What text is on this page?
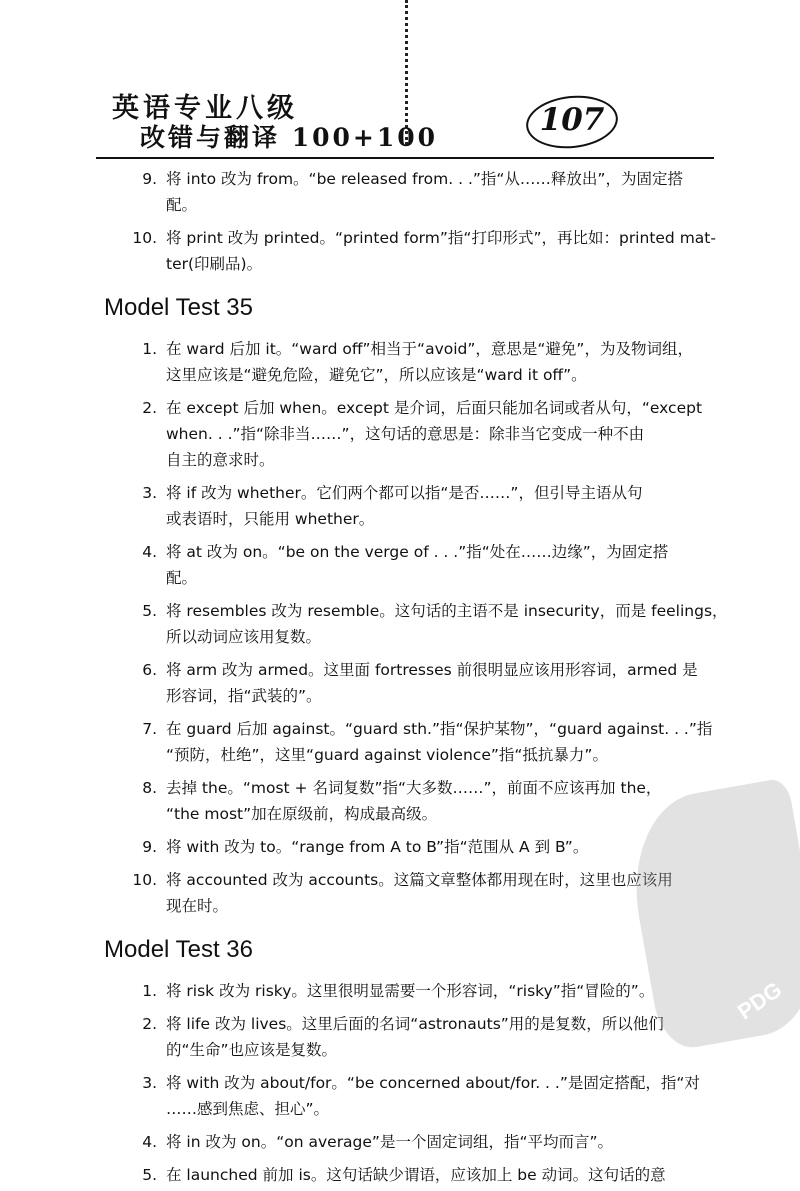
英语专业八级
改错与翻译 100+100	107
9. 将 into 改为 from。“be released from. . .”指“从……释放出”，为固定搭
配。
10. 将 print 改为 printed。“printed form”指“打印形式”，再比如：printed mat-
ter(印刷品)。
Model Test 35
1. 在 ward 后加 it。“ward off”相当于“avoid”，意思是“避免”，为及物词组，
这里应该是“避免危险，避免它”，所以应该是“ward it off”。
2. 在 except 后加 when。except 是介词，后面只能加名词或者从句，“except
when. . .”指“除非当……”，这句话的意思是：除非当它变成一种不由
自主的意求时。
3. 将 if 改为 whether。它们两个都可以指“是否……”，但引导主语从句
或表语时，只能用 whether。
4. 将 at 改为 on。“be on the verge of . . .”指“处在……边缘”，为固定搭
配。
5. 将 resembles 改为 resemble。这句话的主语不是 insecurity，而是 feelings，
所以动词应该用复数。
6. 将 arm 改为 armed。这里面 fortresses 前很明显应该用形容词，armed 是
形容词，指“武装的”。
7. 在 guard 后加 against。“guard sth.”指“保护某物”，“guard against. . .”指
“预防，杜绝”，这里“guard against violence”指“抵抗暴力”。
8. 去掉 the。“most + 名词复数”指“大多数……”，前面不应该再加 the，
“the most”加在原级前，构成最高级。
9. 将 with 改为 to。“range from A to B”指“范围从 A 到 B”。
10. 将 accounted 改为 accounts。这篇文章整体都用现在时，这里也应该用
现在时。
Model Test 36
1. 将 risk 改为 risky。这里很明显需要一个形容词，“risky”指“冒险的”。
2. 将 life 改为 lives。这里后面的名词“astronauts”用的是复数，所以他们
的“生命”也应该是复数。
3. 将 with 改为 about/for。“be concerned about/for. . .”是固定搭配，指“对
……感到焦虑、担心”。
4. 将 in 改为 on。“on average”是一个固定词组，指“平均而言”。
5. 在 launched 前加 is。这句话缺少谓语，应该加上 be 动词。这句话的意
PDG
